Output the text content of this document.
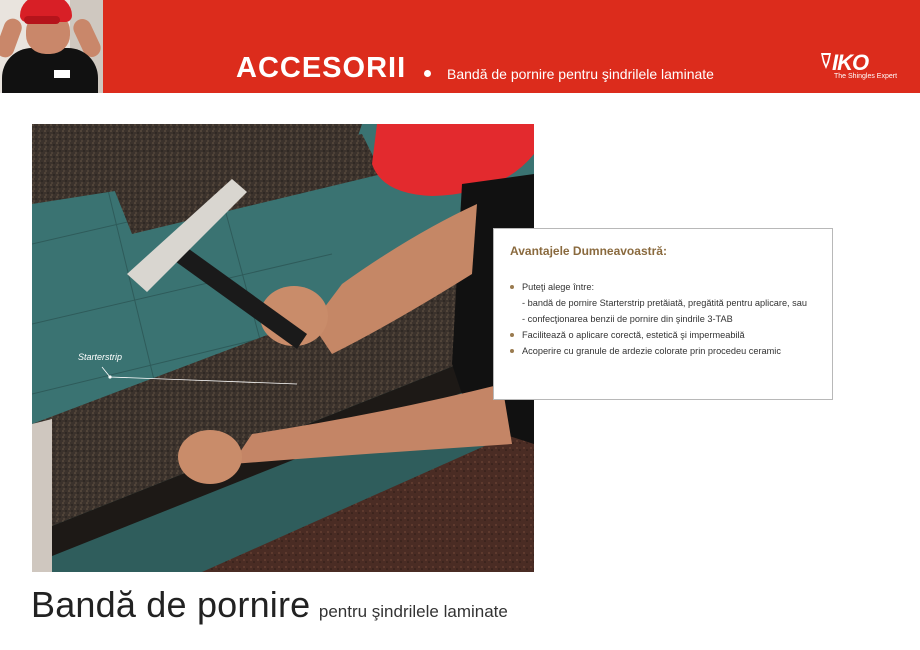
ACCESORII	Bandă de pornire pentru şindrilele laminate	IKO
The Shingles Expert
Starterstrip
Avantajele Dumneavoastră:
Puteţi alege între:
- bandă de pornire Starterstrip pretăiată, pregătită pentru aplicare, sau
- confecţionarea benzii de pornire din şindrile 3-TAB
Facilitează o aplicare corectă, estetică şi impermeabilă
Acoperire cu granule de ardezie colorate prin procedeu ceramic
Bandă de pornire pentru şindrilele laminate
